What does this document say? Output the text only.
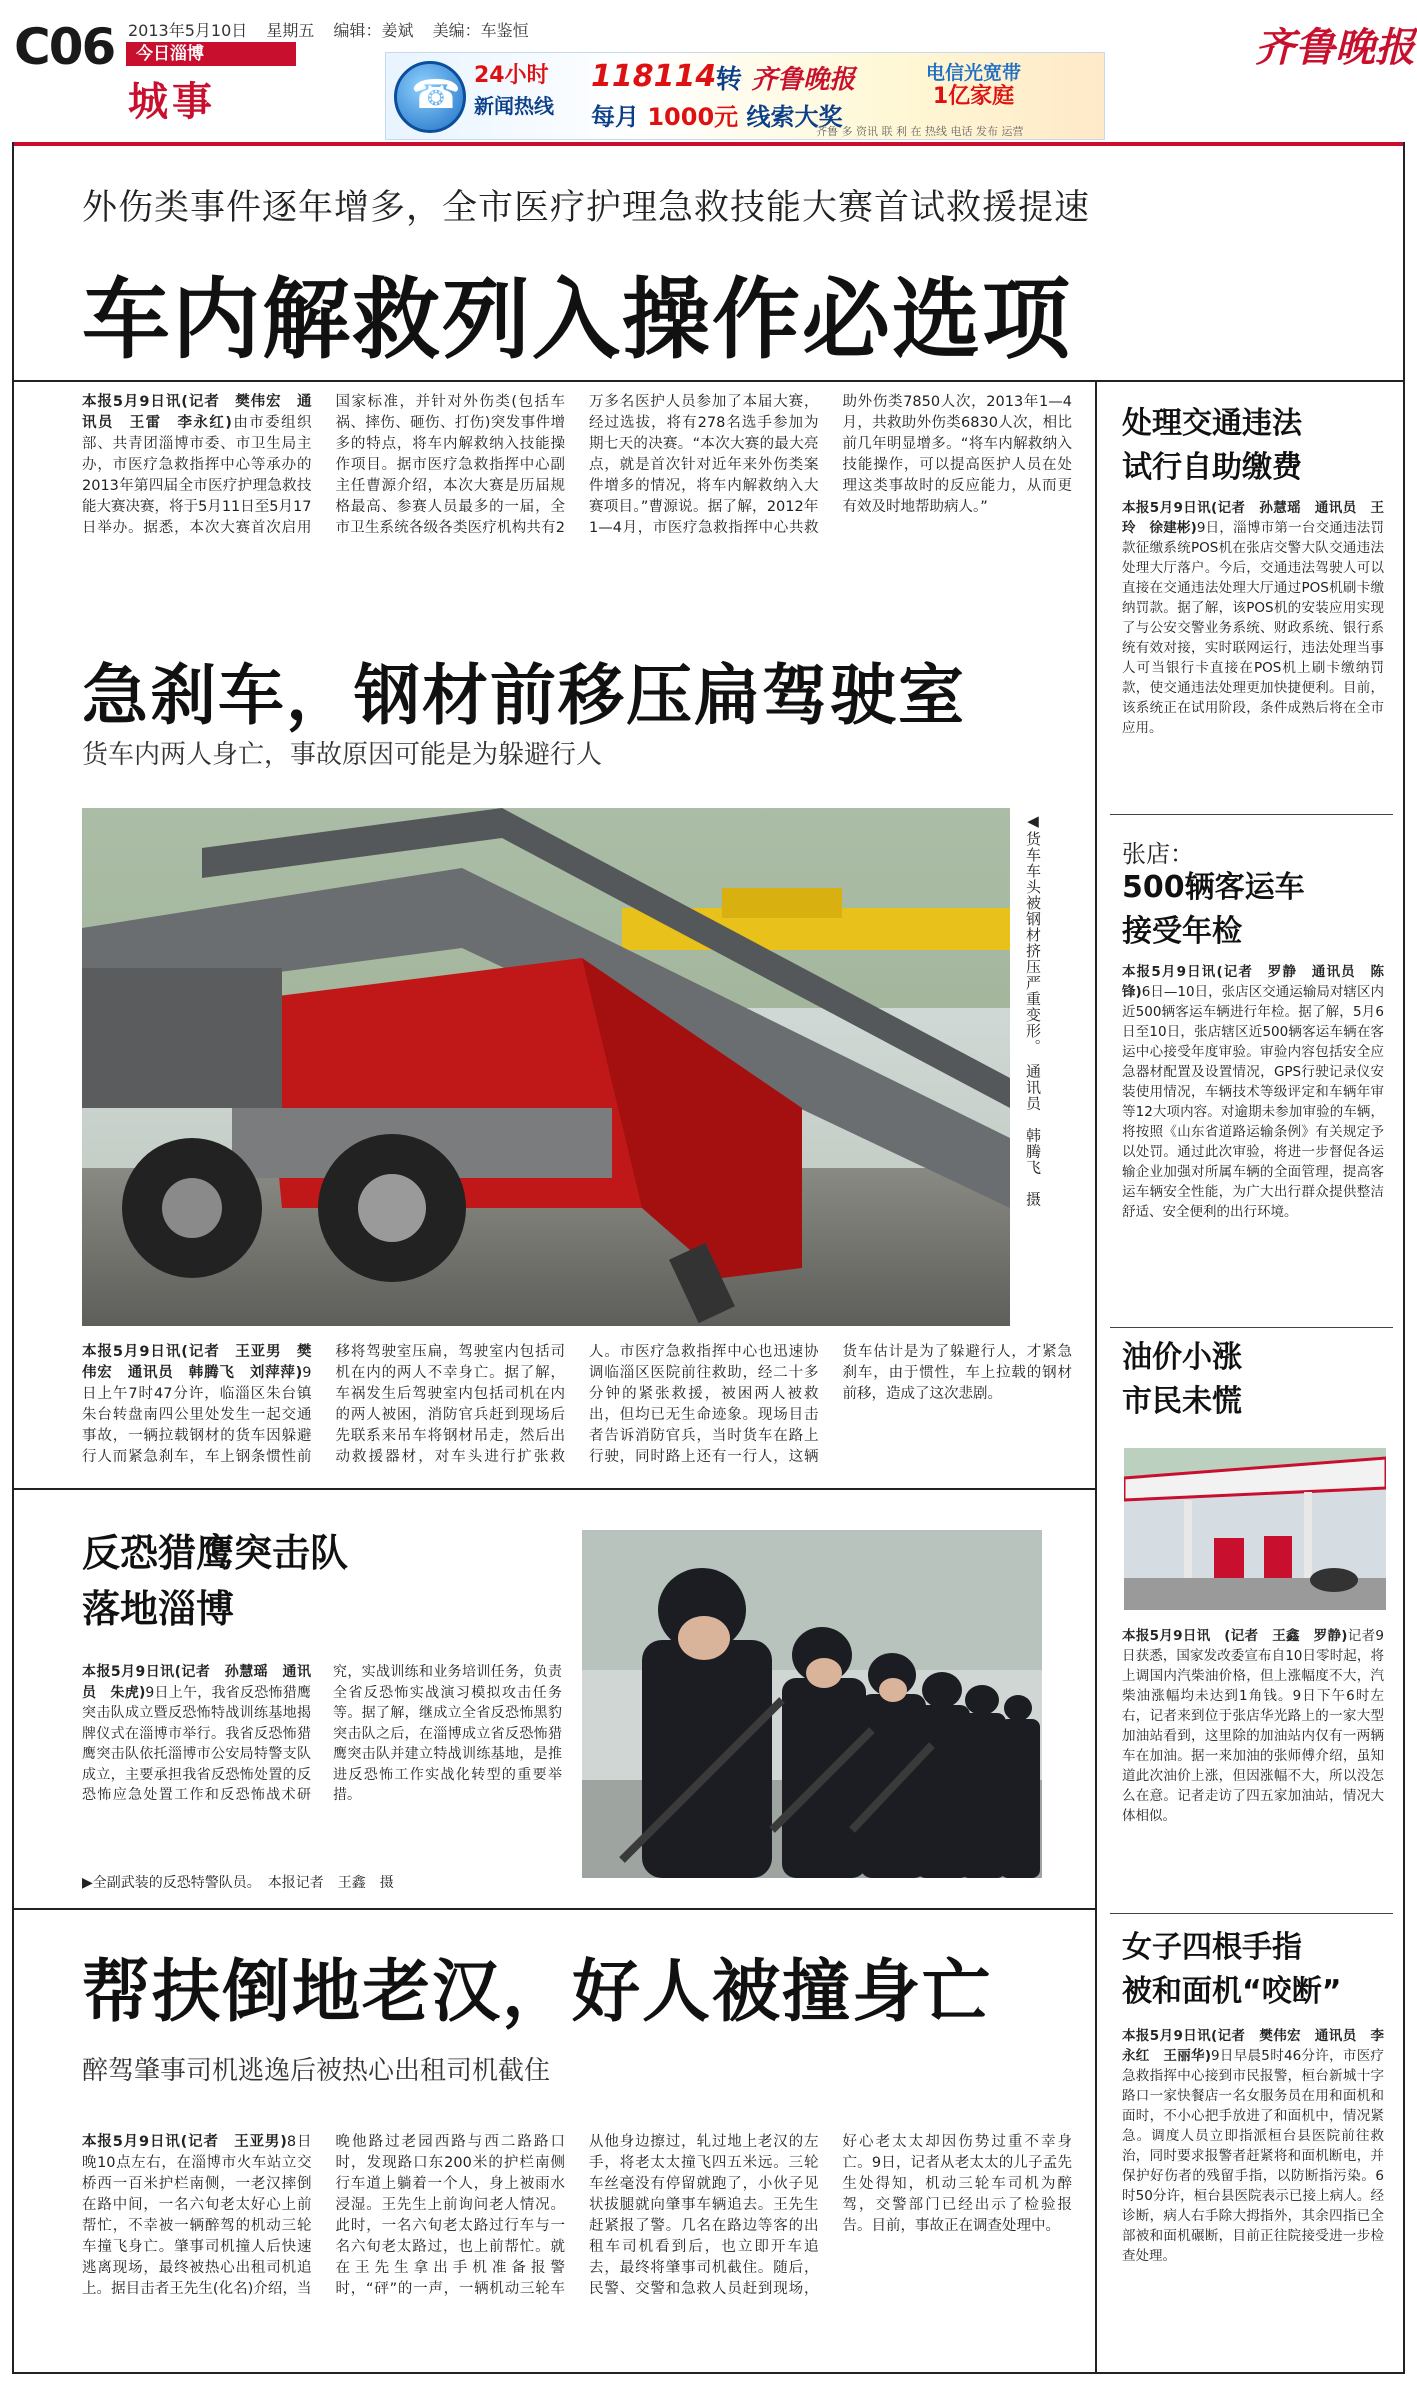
C06 2013年5月10日 星期五 编辑：姜斌 美编：车鉴恒
今日淄博
城事
齐鲁晚报
☎
24小时
新闻热线
118114 转 齐鲁晚报
每月 1000元 线索大奖
电信光宽带
1亿家庭
齐鲁 多 资讯 联 利 在 热线 电话 发布 运营
外伤类事件逐年增多，全市医疗护理急救技能大赛首试救援提速
车内解救列入操作必选项
本报5月9日讯(记者　樊伟宏　通讯员　王雷　李永红)由市委组织部、共青团淄博市委、市卫生局主办，市医疗急救指挥中心等承办的2013年第四届全市医疗护理急救技能大赛决赛，将于5月11日至5月17日举办。据悉，本次大赛首次启用国家标准，并针对外伤类(包括车祸、摔伤、砸伤、打伤)突发事件增多的特点，将车内解救纳入技能操作项目。据市医疗急救指挥中心副主任曹源介绍，本次大赛是历届规格最高、参赛人员最多的一届，全市卫生系统各级各类医疗机构共有2万多名医护人员参加了本届大赛，经过选拔，将有278名选手参加为期七天的决赛。“本次大赛的最大亮点，就是首次针对近年来外伤类案件增多的情况，将车内解救纳入大赛项目。”曹源说。据了解，2012年1—4月，市医疗急救指挥中心共救助外伤类7850人次，2013年1—4月，共救助外伤类6830人次，相比前几年明显增多。“将车内解救纳入技能操作，可以提高医护人员在处理这类事故时的反应能力，从而更有效及时地帮助病人。”
急刹车，钢材前移压扁驾驶室
货车内两人身亡，事故原因可能是为躲避行人
◀货车车头被钢材挤压严重变形。　通讯员　韩腾飞　摄
本报5月9日讯(记者　王亚男　樊伟宏　通讯员　韩腾飞　刘萍萍)9日上午7时47分许，临淄区朱台镇朱台转盘南四公里处发生一起交通事故，一辆拉载钢材的货车因躲避行人而紧急刹车，车上钢条惯性前移将驾驶室压扁，驾驶室内包括司机在内的两人不幸身亡。据了解，车祸发生后驾驶室内包括司机在内的两人被困，消防官兵赶到现场后先联系来吊车将钢材吊走，然后出动救援器材，对车头进行扩张救人。市医疗急救指挥中心也迅速协调临淄区医院前往救助，经二十多分钟的紧张救援，被困两人被救出，但均已无生命迹象。现场目击者告诉消防官兵，当时货车在路上行驶，同时路上还有一行人，这辆货车估计是为了躲避行人，才紧急刹车，由于惯性，车上拉载的钢材前移，造成了这次悲剧。
反恐猎鹰突击队
落地淄博
本报5月9日讯(记者　孙慧瑶　通讯员　朱虎)9日上午，我省反恐怖猎鹰突击队成立暨反恐怖特战训练基地揭牌仪式在淄博市举行。我省反恐怖猎鹰突击队依托淄博市公安局特警支队成立，主要承担我省反恐怖处置的反恐怖应急处置工作和反恐怖战术研究，实战训练和业务培训任务，负责全省反恐怖实战演习模拟攻击任务等。据了解，继成立全省反恐怖黑豹突击队之后，在淄博成立省反恐怖猎鹰突击队并建立特战训练基地，是推进反恐怖工作实战化转型的重要举措。
▶全副武装的反恐特警队员。　本报记者　王鑫　摄
帮扶倒地老汉，好人被撞身亡
醉驾肇事司机逃逸后被热心出租司机截住
本报5月9日讯(记者　王亚男)8日晚10点左右，在淄博市火车站立交桥西一百米护栏南侧，一老汉摔倒在路中间，一名六旬老太好心上前帮忙，不幸被一辆醉驾的机动三轮车撞飞身亡。肇事司机撞人后快速逃离现场，最终被热心出租司机追上。据目击者王先生(化名)介绍，当晚他路过老园西路与西二路路口时，发现路口东200米的护栏南侧行车道上躺着一个人，身上被雨水浸湿。王先生上前询问老人情况。此时，一名六旬老太路过行车与一名六旬老太路过，也上前帮忙。就在王先生拿出手机准备报警时，“砰”的一声，一辆机动三轮车从他身边擦过，轧过地上老汉的左手，将老太太撞飞四五米远。三轮车丝毫没有停留就跑了，小伙子见状拔腿就向肇事车辆追去。王先生赶紧报了警。几名在路边等客的出租车司机看到后，也立即开车追去，最终将肇事司机截住。随后，民警、交警和急救人员赶到现场，好心老太太却因伤势过重不幸身亡。9日，记者从老太太的儿子孟先生处得知，机动三轮车司机为醉驾，交警部门已经出示了检验报告。目前，事故正在调查处理中。
处理交通违法
试行自助缴费
本报5月9日讯(记者　孙慧瑶　通讯员　王玲　徐建彬)9日，淄博市第一台交通违法罚款征缴系统POS机在张店交警大队交通违法处理大厅落户。今后，交通违法驾驶人可以直接在交通违法处理大厅通过POS机刷卡缴纳罚款。据了解，该POS机的安装应用实现了与公安交警业务系统、财政系统、银行系统有效对接，实时联网运行，违法处理当事人可当银行卡直接在POS机上刷卡缴纳罚款，使交通违法处理更加快捷便利。目前，该系统正在试用阶段，条件成熟后将在全市应用。
张店：
500辆客运车
接受年检
本报5月9日讯(记者　罗静　通讯员　陈锋)6日—10日，张店区交通运输局对辖区内近500辆客运车辆进行年检。据了解，5月6日至10日，张店辖区近500辆客运车辆在客运中心接受年度审验。审验内容包括安全应急器材配置及设置情况，GPS行驶记录仪安装使用情况，车辆技术等级评定和车辆年审等12大项内容。对逾期未参加审验的车辆，将按照《山东省道路运输条例》有关规定予以处罚。通过此次审验，将进一步督促各运输企业加强对所属车辆的全面管理，提高客运车辆安全性能，为广大出行群众提供整洁舒适、安全便利的出行环境。
油价小涨
市民未慌
本报5月9日讯　(记者　王鑫　罗静)记者9日获悉，国家发改委宣布自10日零时起，将上调国内汽柴油价格，但上涨幅度不大，汽柴油涨幅均未达到1角钱。9日下午6时左右，记者来到位于张店华光路上的一家大型加油站看到，这里除的加油站内仅有一两辆车在加油。据一来加油的张师傅介绍，虽知道此次油价上涨，但因涨幅不大，所以没怎么在意。记者走访了四五家加油站，情况大体相似。
女子四根手指
被和面机“咬断”
本报5月9日讯(记者　樊伟宏　通讯员　李永红　王丽华)9日早晨5时46分许，市医疗急救指挥中心接到市民报警，桓台新城十字路口一家快餐店一名女服务员在用和面机和面时，不小心把手放进了和面机中，情况紧急。调度人员立即指派桓台县医院前往救治，同时要求报警者赶紧将和面机断电，并保护好伤者的残留手指，以防断指污染。6时50分许，桓台县医院表示已接上病人。经诊断，病人右手除大拇指外，其余四指已全部被和面机碾断，目前正往院接受进一步检查处理。
